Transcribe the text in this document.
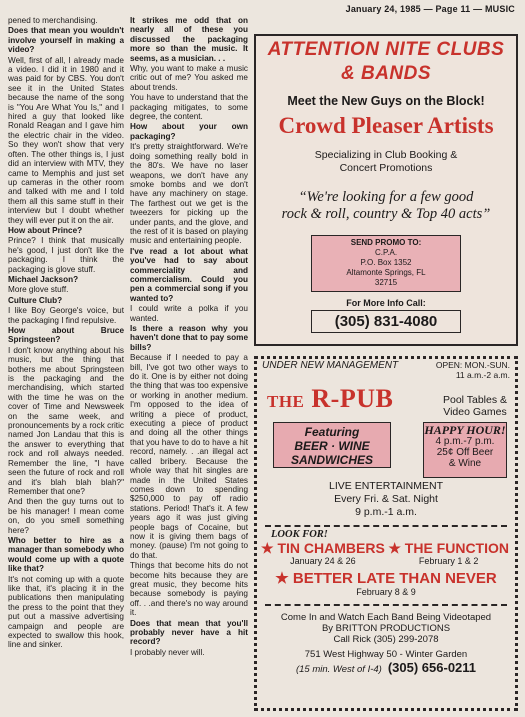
January 24, 1985 — Page 11 — MUSIC

pened to merchandising.

Does that mean you wouldn't involve yourself in making a video?

Well, first of all, I already made a video. I did it in 1980 and it was paid for by CBS. You don't see it in the United States because the name of the song is "You Are What You Is," and I hired a guy that looked like Ronald Reagan and I gave him the electric chair in the video. So they won't show that very often. The other things is, I just did an interview with MTV, they came to Memphis and just set up cameras in the other room and talked with me and I told them all this same stuff in their interview but I doubt whether they will ever put it on the air.

How about Prince?

Prince? I think that musically he's good, I just don't like the packaging. I think the packaging is glove stuff.

Michael Jackson?

More glove stuff.

Culture Club?

I like Boy George's voice, but the packaging I find repulsive.

How about Bruce Springsteen?

I don't know anything about his music, but the thing that bothers me about Springsteen is the packaging and the merchandising, which started with the time he was on the cover of Time and Newsweek on the same week, and pronouncements by a rock critic named Jon Landau that this is the answer to everything that rock and roll always needed. Remember the line, "I have seen the future of rock and roll and it's blah blah blah?" Remember that one?

And then the guy turns out to be his manager! I mean come on, do you smell something here?

Who better to hire as a manager than somebody who would come up with a quote like that?

It's not coming up with a quote like that, it's placing it in the publications then manipulating the press to the point that they put out a massive advertising campaign and people are expected to swallow this hook, line and sinker.

It strikes me odd that on nearly all of these you discussed the packaging more so than the music. It seems, as a musician. . .

Why, you want to make a music critic out of me? You asked me about trends.

You have to understand that the packaging mitigates, to some degree, the content.

How about your own packaging?

It's pretty straightforward. We're doing something really bold in the 80's. We have no laser weapons, we don't have any smoke bombs and we don't have any machinery on stage. The farthest out we get is the tweezers for picking up the under pants, and the glove, and the rest of it is based on playing music and entertaining people.

I've read a lot about what you've had to say about commerciality and commercialism. Could you pen a commercial song if you wanted to?

I could write a polka if you wanted.

Is there a reason why you haven't done that to pay some bills?

Because if I needed to pay a bill, I've got two other ways to do it. One is by either not doing the thing that was too expensive or working in another medium. I'm opposed to the idea of writing a piece of product, executing a piece of product and doing all the other things that you have to do to have a hit record, namely. . .an illegal act called bribery. Because the whole way that hit singles are made in the United States comes down to spending $250,000 to pay off radio stations. Period! That's it. A few years ago it was just giving people bags of Cocaine, but now it is giving them bags of money. (pause) I'm not going to do that.

Things that become hits do not become hits because they are great music, they become hits because somebody is paying off. . .and there's no way around it.

Does that mean that you'll probably never have a hit record?

I probably never will.

ATTENTION NITE CLUBS
& BANDS
Meet the New Guys on the Block!
Crowd Pleaser Artists
Specializing in Club Booking &
Concert Promotions
“We're looking for a few good
rock & roll, country & Top 40 acts”
SEND PROMO TO:
C.P.A.
P.O. Box 1352
Altamonte Springs, FL
32715
For More Info Call:
(305) 831-4080
UNDER NEW MANAGEMENT	OPEN: MON.-SUN.
11 a.m.-2 a.m.
THE R-PUB	Pool Tables &
Video Games
Featuring
BEER · WINE
SANDWICHES
HAPPY HOUR!
4 p.m.-7 p.m.
25¢ Off Beer
& Wine
LIVE ENTERTAINMENT
Every Fri. & Sat. Night
9 p.m.-1 a.m.
LOOK FOR!
★ TIN CHAMBERS
January 24 & 26
★ THE FUNCTION
February 1 & 2
★ BETTER LATE THAN NEVER
February 8 & 9
Come In and Watch Each Band Being Videotaped
By BRITTON PRODUCTIONS
Call Rick (305) 299-2078
751 West Highway 50 - Winter Garden
(15 min. West of I-4) (305) 656-0211
